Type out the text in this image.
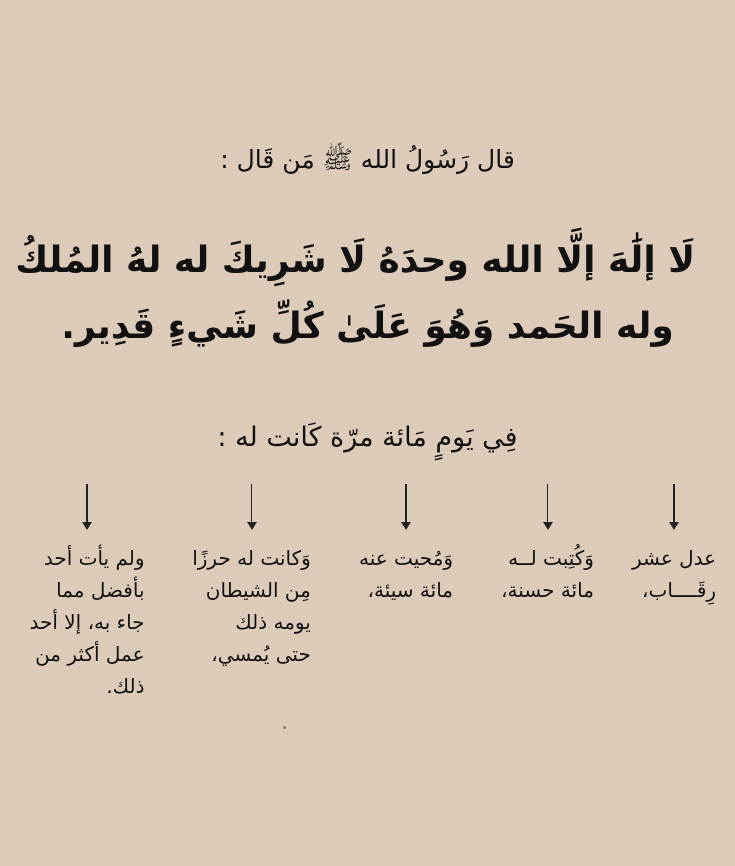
قال رَسُولُ الله ﷺ مَن قَال :
لَا إلَٰهَ إلَّا الله وحدَهُ لَا شَرِيكَ له لهُ المُلكُ
وله الحَمد وَهُوَ عَلَىٰ كُلِّ شَيءٍ قَدِير.
فِي يَومٍ مَائة مرّة كَانت له :
عدل عشر
رِقَــــاب،
وَكُتِبت لــه
مائة حسنة،
وَمُحيت عنه
مائة سيئة،
وَكانت له حرزًا
مِن الشيطان
يومه ذلك
حتى يُمسي،
ولم يأت أحد
بأفضل مما
جاء به، إلا أحد
عمل أكثر من
ذلك.
